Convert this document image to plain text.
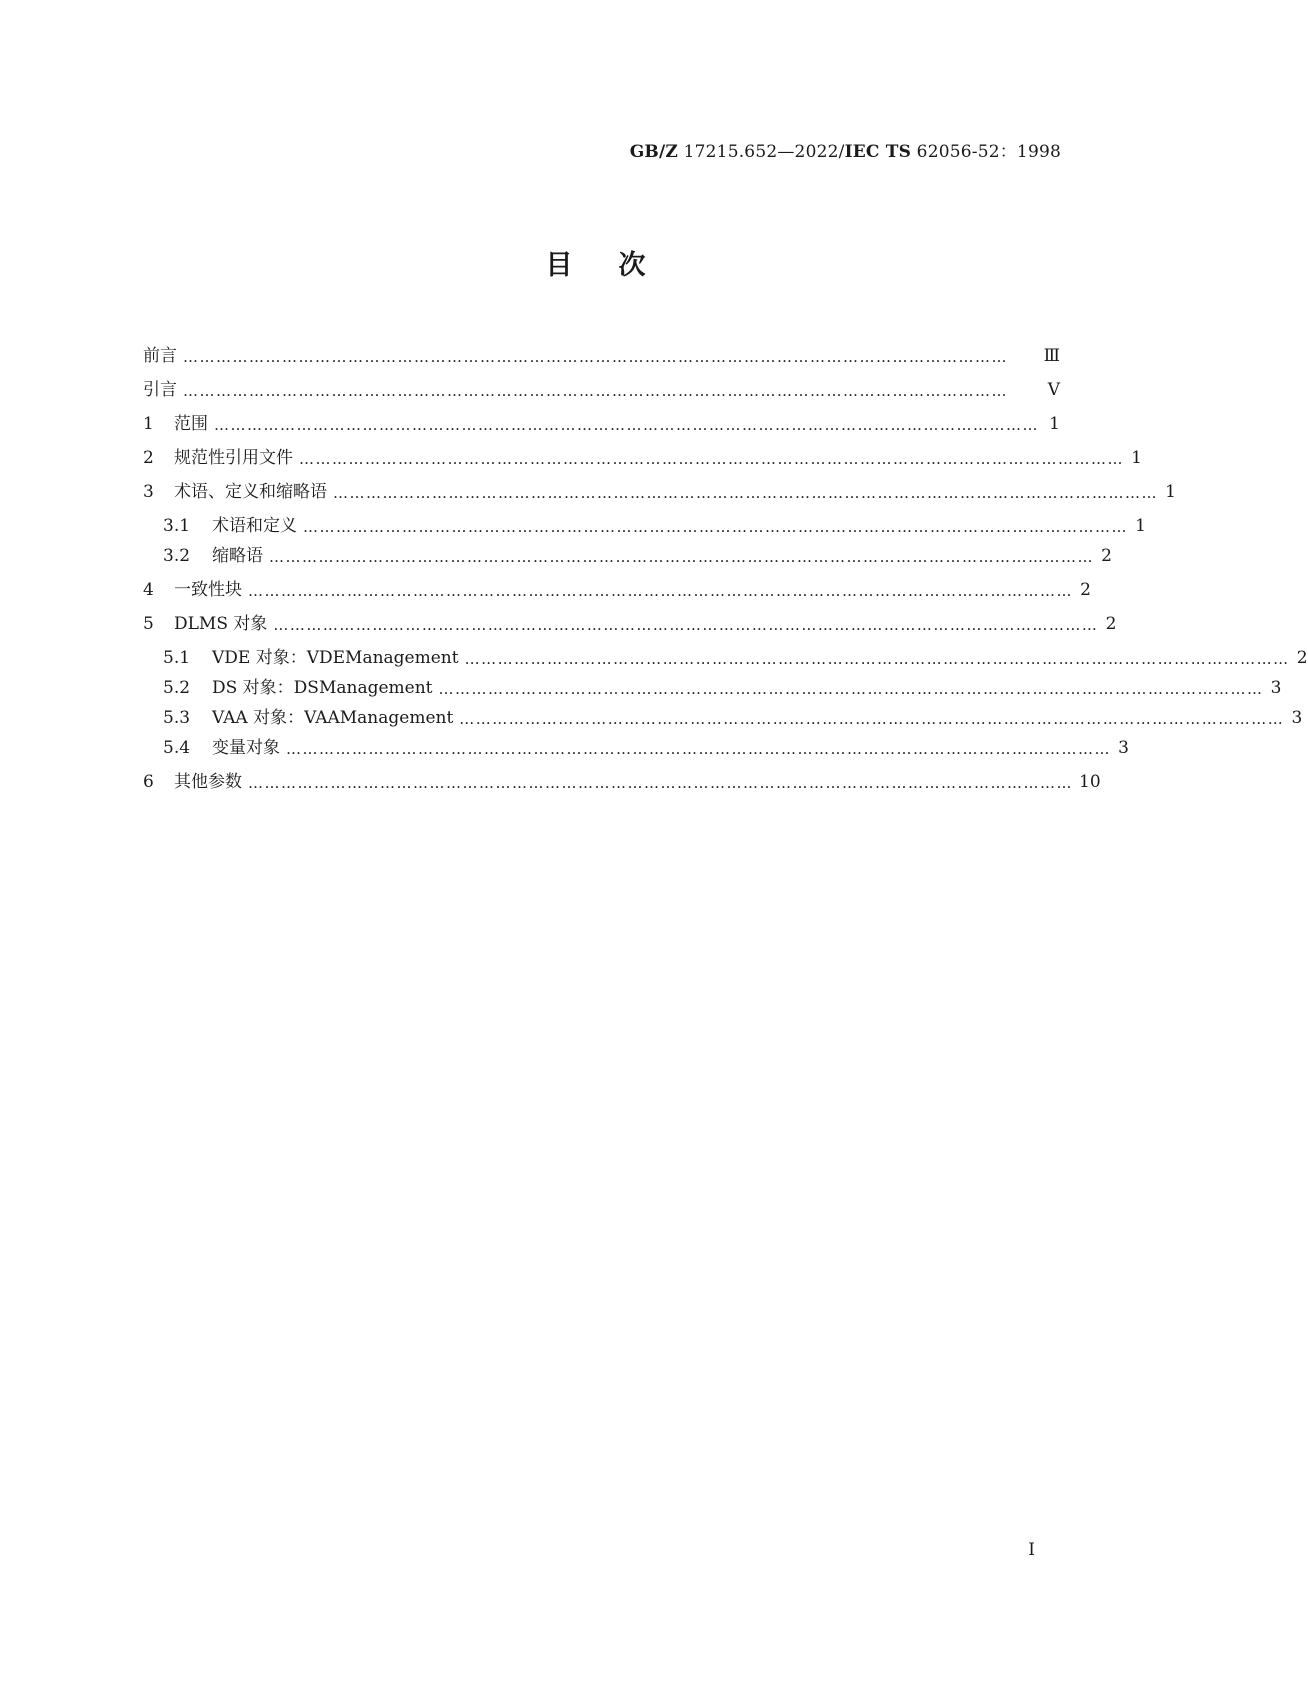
GB/Z 17215.652—2022/IEC TS 62056-52：1998
目次
前言 ……………………………………………………………………………………………………………………………………	Ⅲ
引言 ……………………………………………………………………………………………………………………………………	Ⅴ
1	范围 …………………………………………………………………………………………………………………………………… 1
2	规范性引用文件 …………………………………………………………………………………………………………………………………… 1
3	术语、定义和缩略语 …………………………………………………………………………………………………………………………………… 1
3.1	术语和定义 …………………………………………………………………………………………………………………………………… 1
3.2	缩略语 …………………………………………………………………………………………………………………………………… 2
4	一致性块 …………………………………………………………………………………………………………………………………… 2
5	DLMS 对象 …………………………………………………………………………………………………………………………………… 2
5.1	VDE 对象：VDEManagement …………………………………………………………………………………………………………………………………… 2
5.2	DS 对象：DSManagement …………………………………………………………………………………………………………………………………… 3
5.3	VAA 对象：VAAManagement …………………………………………………………………………………………………………………………………… 3
5.4	变量对象 …………………………………………………………………………………………………………………………………… 3
6	其他参数 …………………………………………………………………………………………………………………………………… 10
Ⅰ
